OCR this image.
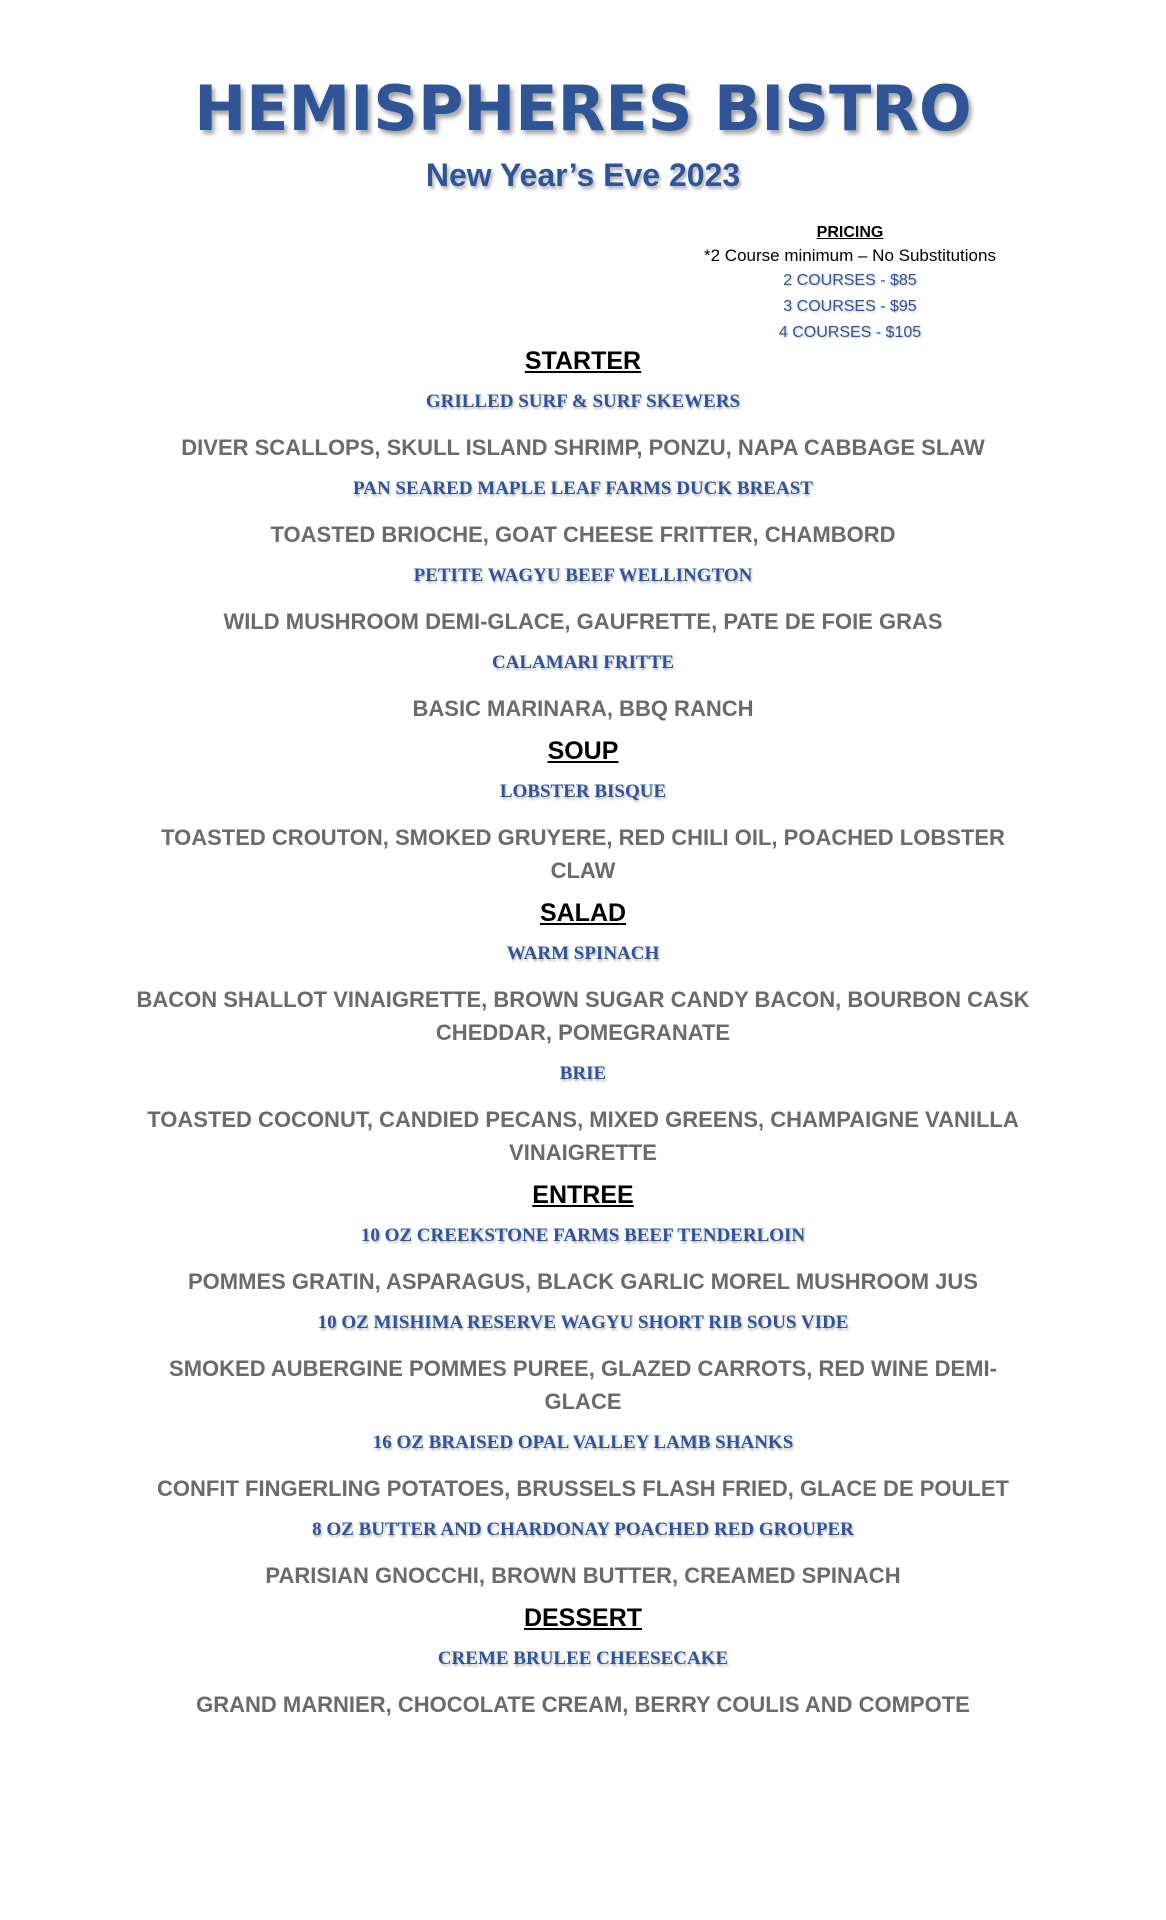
HEMISPHERES BISTRO
New Year’s Eve 2023
PRICING
*2 Course minimum – No Substitutions
2 COURSES - $85
3 COURSES - $95
4 COURSES - $105
STARTER
GRILLED SURF & SURF SKEWERS
DIVER SCALLOPS, SKULL ISLAND SHRIMP, PONZU, NAPA CABBAGE SLAW
PAN SEARED MAPLE LEAF FARMS DUCK BREAST
TOASTED BRIOCHE, GOAT CHEESE FRITTER, CHAMBORD
PETITE WAGYU BEEF WELLINGTON
WILD MUSHROOM DEMI-GLACE, GAUFRETTE, PATE DE FOIE GRAS
CALAMARI FRITTE
BASIC MARINARA, BBQ RANCH
SOUP
LOBSTER BISQUE
TOASTED CROUTON, SMOKED GRUYERE, RED CHILI OIL, POACHED LOBSTER CLAW
SALAD
WARM SPINACH
BACON SHALLOT VINAIGRETTE, BROWN SUGAR CANDY BACON, BOURBON CASK CHEDDAR, POMEGRANATE
BRIE
TOASTED COCONUT, CANDIED PECANS, MIXED GREENS, CHAMPAIGNE VANILLA VINAIGRETTE
ENTREE
10 OZ CREEKSTONE FARMS BEEF TENDERLOIN
POMMES GRATIN, ASPARAGUS, BLACK GARLIC MOREL MUSHROOM JUS
10 OZ MISHIMA RESERVE WAGYU SHORT RIB SOUS VIDE
SMOKED AUBERGINE POMMES PUREE, GLAZED CARROTS, RED WINE DEMI-GLACE
16 OZ BRAISED OPAL VALLEY LAMB SHANKS
CONFIT FINGERLING POTATOES, BRUSSELS FLASH FRIED, GLACE DE POULET
8 OZ BUTTER AND CHARDONAY POACHED RED GROUPER
PARISIAN GNOCCHI, BROWN BUTTER, CREAMED SPINACH
DESSERT
CREME BRULEE CHEESECAKE
GRAND MARNIER, CHOCOLATE CREAM, BERRY COULIS AND COMPOTE
